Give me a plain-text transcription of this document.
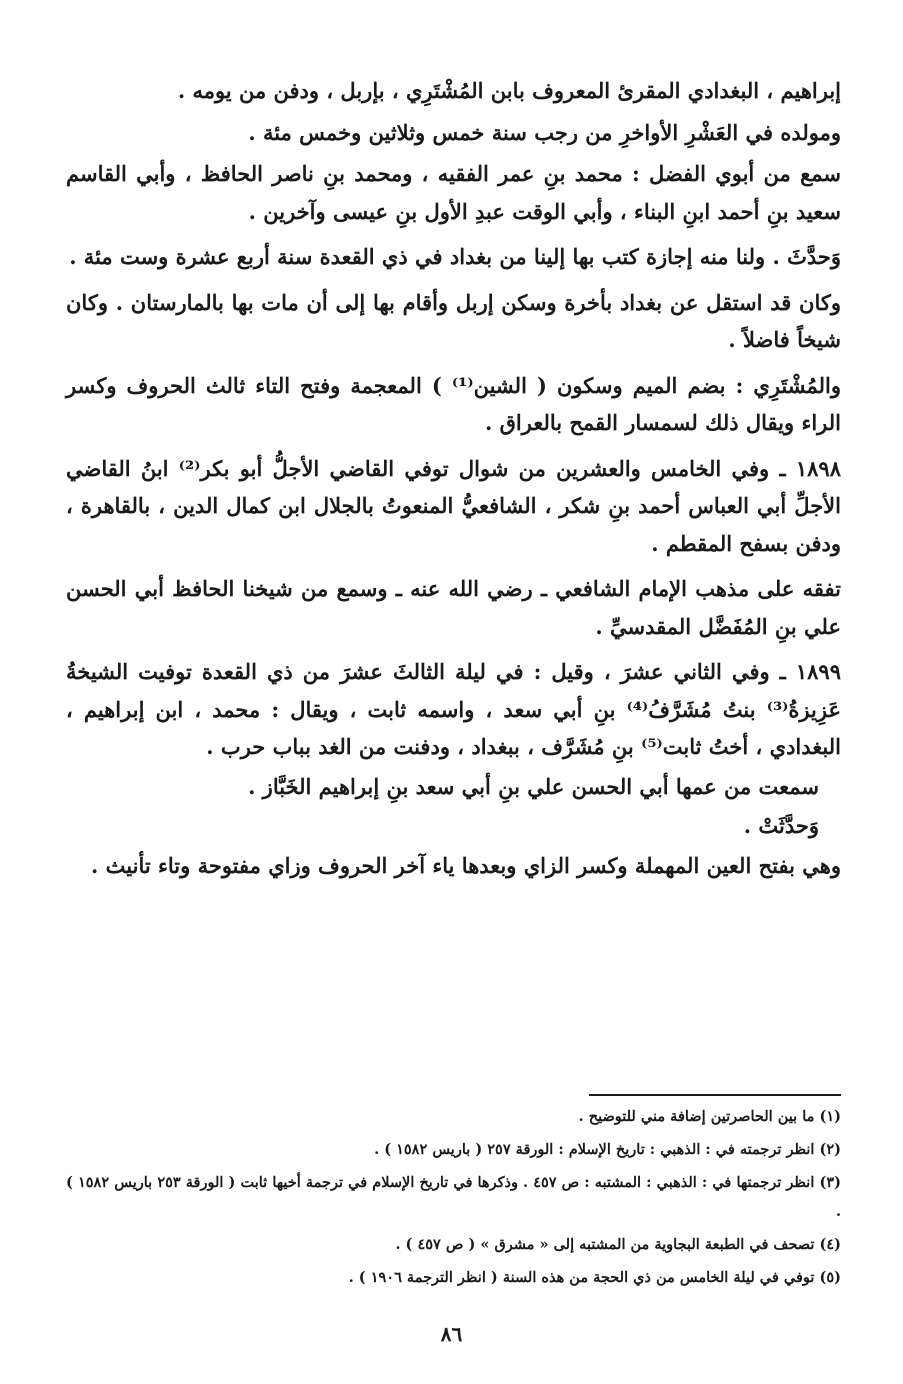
إبراهيم ، البغدادي المقرئ المعروف بابن المُشْتَرِي ، بإربل ، ودفن من يومه .

ومولده في العَشْرِ الأواخرِ من رجب سنة خمس وثلاثين وخمس مئة .

سمع من أبوي الفضل : محمد بنِ عمر الفقيه ، ومحمد بنِ ناصر الحافظ ، وأبي القاسم سعيد بنِ أحمد ابنِ البناء ، وأبي الوقت عبدِ الأول بنِ عيسى وآخرين .

وَحدَّثَ . ولنا منه إجازة كتب بها إلينا من بغداد في ذي القعدة سنة أربع عشرة وست مئة .

وكان قد استقل عن بغداد بأخرة وسكن إربل وأقام بها إلى أن مات بها بالمارستان . وكان شيخاً فاضلاً .

والمُشْتَرِي : بضم الميم وسكون ( الشين⁽¹⁾ ) المعجمة وفتح التاء ثالث الحروف وكسر الراء ويقال ذلك لسمسار القمح بالعراق .

١٨٩٨ ـ وفي الخامس والعشرين من شوال توفي القاضي الأجلُّ أبو بكر⁽²⁾ ابنُ القاضي الأجلِّ أبي العباس أحمد بنِ شكر ، الشافعيُّ المنعوتُ بالجلال ابن كمال الدين ، بالقاهرة ، ودفن بسفح المقطم .

تفقه على مذهب الإمام الشافعي ـ رضي الله عنه ـ وسمع من شيخنا الحافظ أبي الحسن علي بنِ المُفَضَّل المقدسيِّ .

١٨٩٩ ـ وفي الثاني عشرَ ، وقيل : في ليلة الثالثَ عشرَ من ذي القعدة توفيت الشيخةُ عَزِيزةُ⁽³⁾ بنتُ مُشَرَّفُ⁽⁴⁾ بنِ أبي سعد ، واسمه ثابت ، ويقال : محمد ، ابن إبراهيم ، البغدادي ، أختُ ثابت⁽⁵⁾ بنِ مُشَرَّف ، ببغداد ، ودفنت من الغد بباب حرب .

سمعت من عمها أبي الحسن علي بنِ أبي سعد بنِ إبراهيم الخَبَّاز .

وَحدَّثَتْ .

وهي بفتح العين المهملة وكسر الزاي وبعدها ياء آخر الحروف وزاي مفتوحة وتاء تأنيث .

(١) ما بين الحاصرتين إضافة مني للتوضيح .

(٢) انظر ترجمته في : الذهبي : تاريخ الإسلام : الورقة ٢٥٧ ( باريس ١٥٨٢ ) .

(٣) انظر ترجمتها في : الذهبي : المشتبه : ص ٤٥٧ . وذكرها في تاريخ الإسلام في ترجمة أخيها ثابت ( الورقة ٢٥٣ باريس ١٥٨٢ ) .

(٤) تصحف في الطبعة البجاوية من المشتبه إلى « مشرق » ( ص ٤٥٧ ) .

(٥) توفي في ليلة الخامس من ذي الحجة من هذه السنة ( انظر الترجمة ١٩٠٦ ) .

٨٦
